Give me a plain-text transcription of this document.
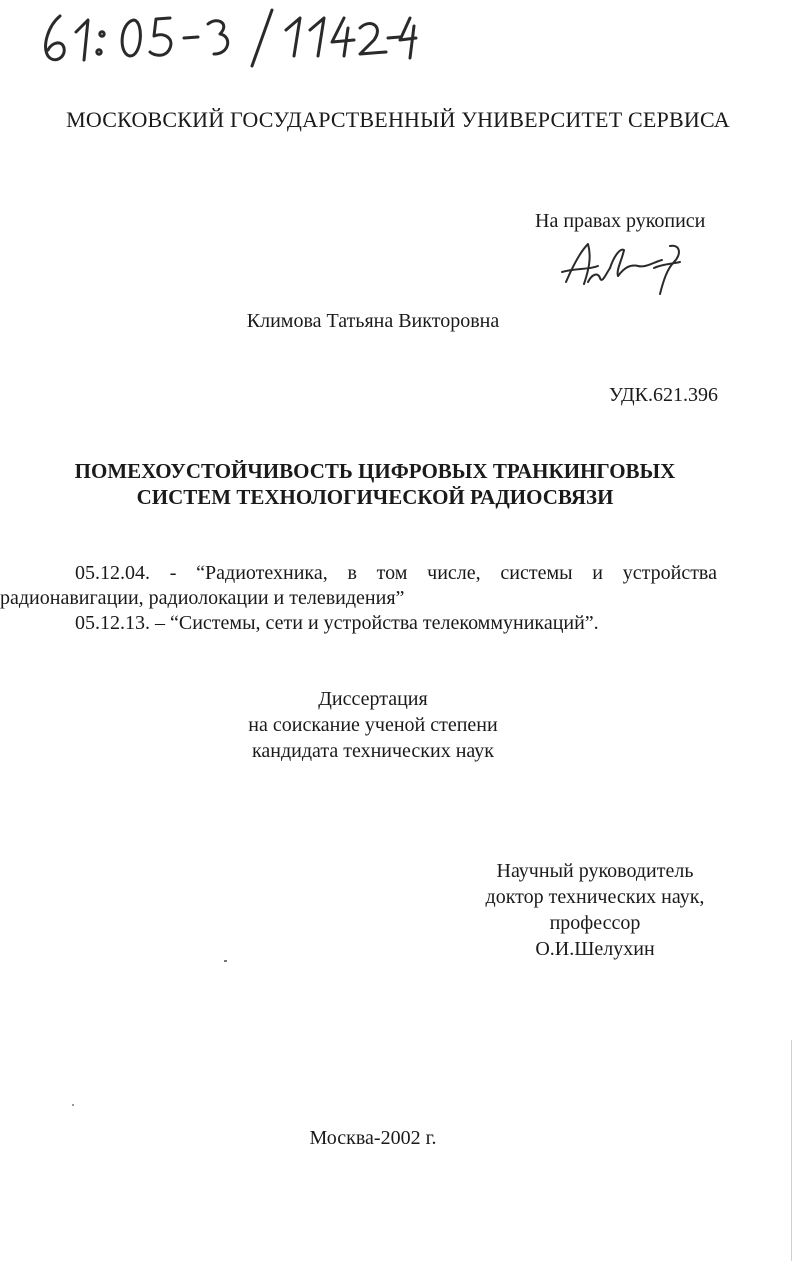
МОСКОВСКИЙ ГОСУДАРСТВЕННЫЙ УНИВЕРСИТЕТ СЕРВИСА
На правах рукописи
Климова Татьяна Викторовна
УДК.621.396
ПОМЕХОУСТОЙЧИВОСТЬ ЦИФРОВЫХ ТРАНКИНГОВЫХ
СИСТЕМ ТЕХНОЛОГИЧЕСКОЙ РАДИОСВЯЗИ
05.12.04. - “Радиотехника, в том числе, системы и устройства
радионавигации, радиолокации и телевидения”
05.12.13. – “Системы, сети и устройства телекоммуникаций”.
Диссертация
на соискание ученой степени
кандидата технических наук
Научный руководитель
доктор технических наук,
профессор
О.И.Шелухин
Москва-2002 г.
